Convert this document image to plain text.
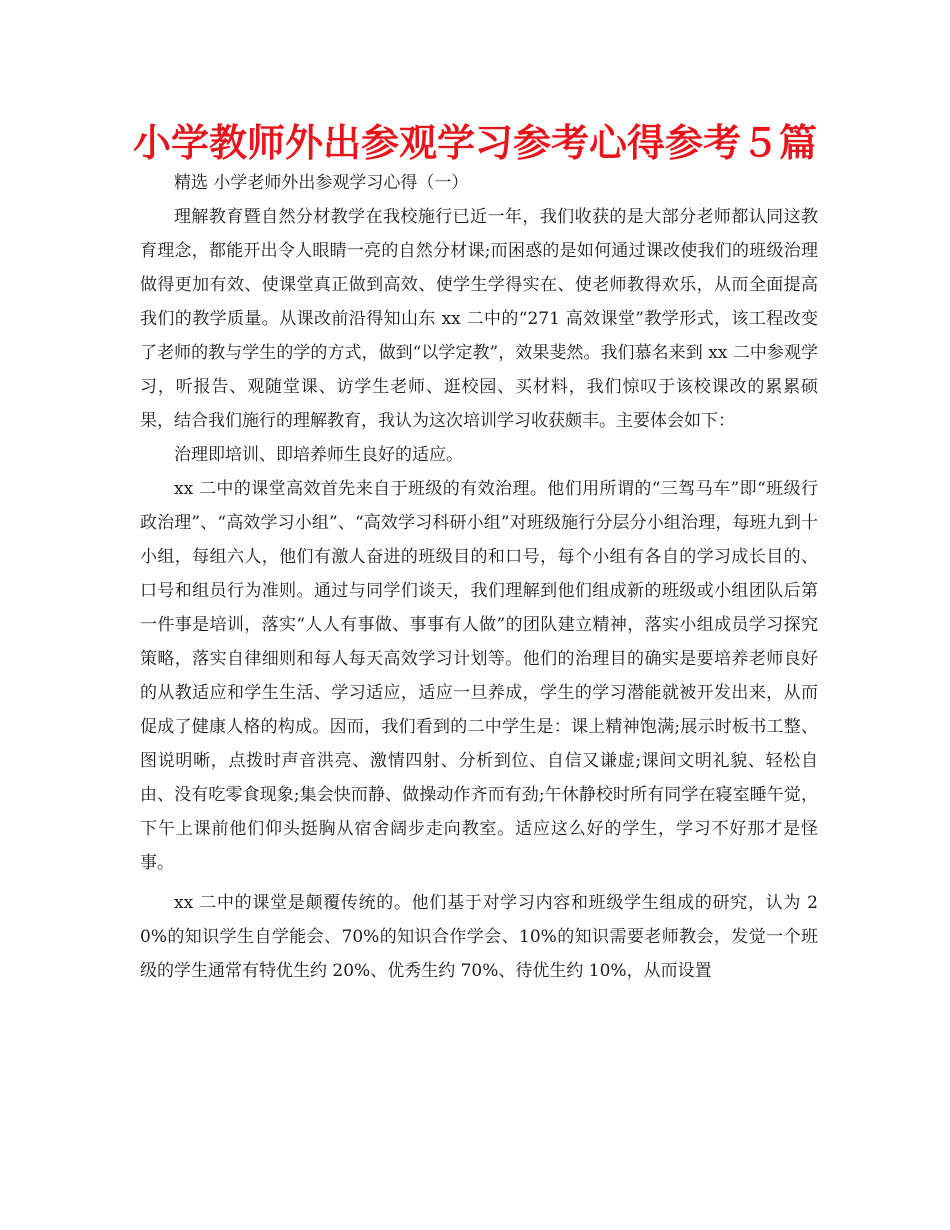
小学教师外出参观学习参考心得参考５篇

精选 小学老师外出参观学习心得（一）

理解教育暨自然分材教学在我校施行已近一年，我们收获的是大部分老师都认同这教育理念，都能开出令人眼睛一亮的自然分材课;而困惑的是如何通过课改使我们的班级治理做得更加有效、使课堂真正做到高效、使学生学得实在、使老师教得欢乐，从而全面提高我们的教学质量。从课改前沿得知山东 xx 二中的“271 高效课堂”教学形式，该工程改变了老师的教与学生的学的方式，做到“以学定教”，效果斐然。我们慕名来到 xx 二中参观学习，听报告、观随堂课、访学生老师、逛校园、买材料，我们惊叹于该校课改的累累硕果，结合我们施行的理解教育，我认为这次培训学习收获颇丰。主要体会如下：

治理即培训、即培养师生良好的适应。

xx 二中的课堂高效首先来自于班级的有效治理。他们用所谓的“三驾马车”即“班级行政治理”、“高效学习小组”、“高效学习科研小组”对班级施行分层分小组治理，每班九到十小组，每组六人，他们有激人奋进的班级目的和口号，每个小组有各自的学习成长目的、口号和组员行为准则。通过与同学们谈天，我们理解到他们组成新的班级或小组团队后第一件事是培训，落实“人人有事做、事事有人做”的团队建立精神，落实小组成员学习探究策略，落实自律细则和每人每天高效学习计划等。他们的治理目的确实是要培养老师良好的从教适应和学生生活、学习适应，适应一旦养成，学生的学习潜能就被开发出来，从而促成了健康人格的构成。因而，我们看到的二中学生是：课上精神饱满;展示时板书工整、图说明晰，点拨时声音洪亮、激情四射、分析到位、自信又谦虚;课间文明礼貌、轻松自由、没有吃零食现象;集会快而静、做操动作齐而有劲;午休静校时所有同学在寝室睡午觉，下午上课前他们仰头挺胸从宿舍阔步走向教室。适应这么好的学生，学习不好那才是怪事。

xx 二中的课堂是颠覆传统的。他们基于对学习内容和班级学生组成的研究，认为 20%的知识学生自学能会、70%的知识合作学会、10%的知识需要老师教会，发觉一个班级的学生通常有特优生约 20%、优秀生约 70%、待优生约 10%，从而设置
